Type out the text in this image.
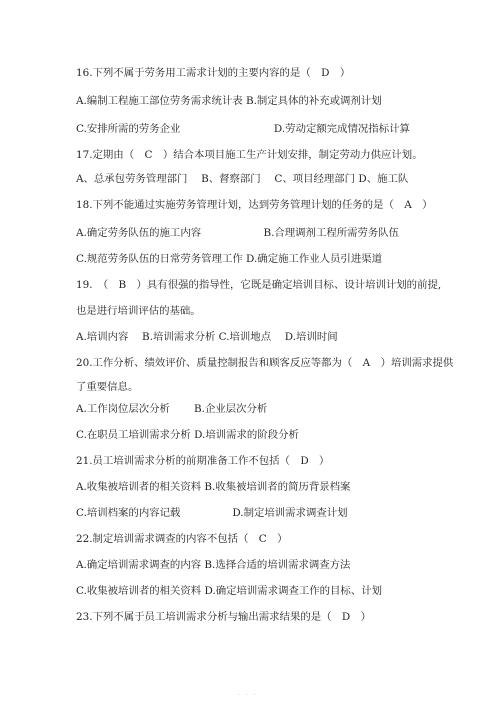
16.下列不属于劳务用工需求计划的主要内容的是（　D　）
A.编制工程施工部位劳务需求统计表 B.制定具体的补充或调剂计划
C.安排所需的劳务企业　　　　　　　　　D.劳动定额完成情况指标计算
17.定期由（　C　）结合本项目施工生产计划安排，制定劳动力供应计划。
A、总承包劳务管理部门　 B、督察部门　 C、项目经理部门 D、施工队
18.下列不能通过实施劳务管理计划，达到劳务管理计划的任务的是（　A　）
A.确定劳务队伍的施工内容　　　　　　B.合理调剂工程所需劳务队伍
C.规范劳务队伍的日常劳务管理工作 D.确定施工作业人员引进渠道
19.　（　B　）具有很强的指导性，它既是确定培训目标、设计培训计划的前提,
也是进行培训评估的基础。
A.培训内容　 B.培训需求分析 C.培训地点　 D.培训时间
20.工作分析、绩效评价、质量控制报告和顾客反应等都为（　A　）培训需求提供
了重要信息。
A.工作岗位层次分析　　 B.企业层次分析
C.在职员工培训需求分析 D.培训需求的阶段分析
21.员工培训需求分析的前期准备工作不包括（　D　）
A.收集被培训者的相关资料 B.收集被培训者的简历背景档案
C.培训档案的内容记载　　　　　D.制定培训需求调查计划
22.制定培训需求调查的内容不包括（　C　）
A.确定培训需求调查的内容 B.选择合适的培训需求调查方法
C.收集被培训者的相关资料 D.确定培训需求调查工作的目标、计划
23.下列不属于员工培训需求分析与输出需求结果的是（　D　）
· · ·
